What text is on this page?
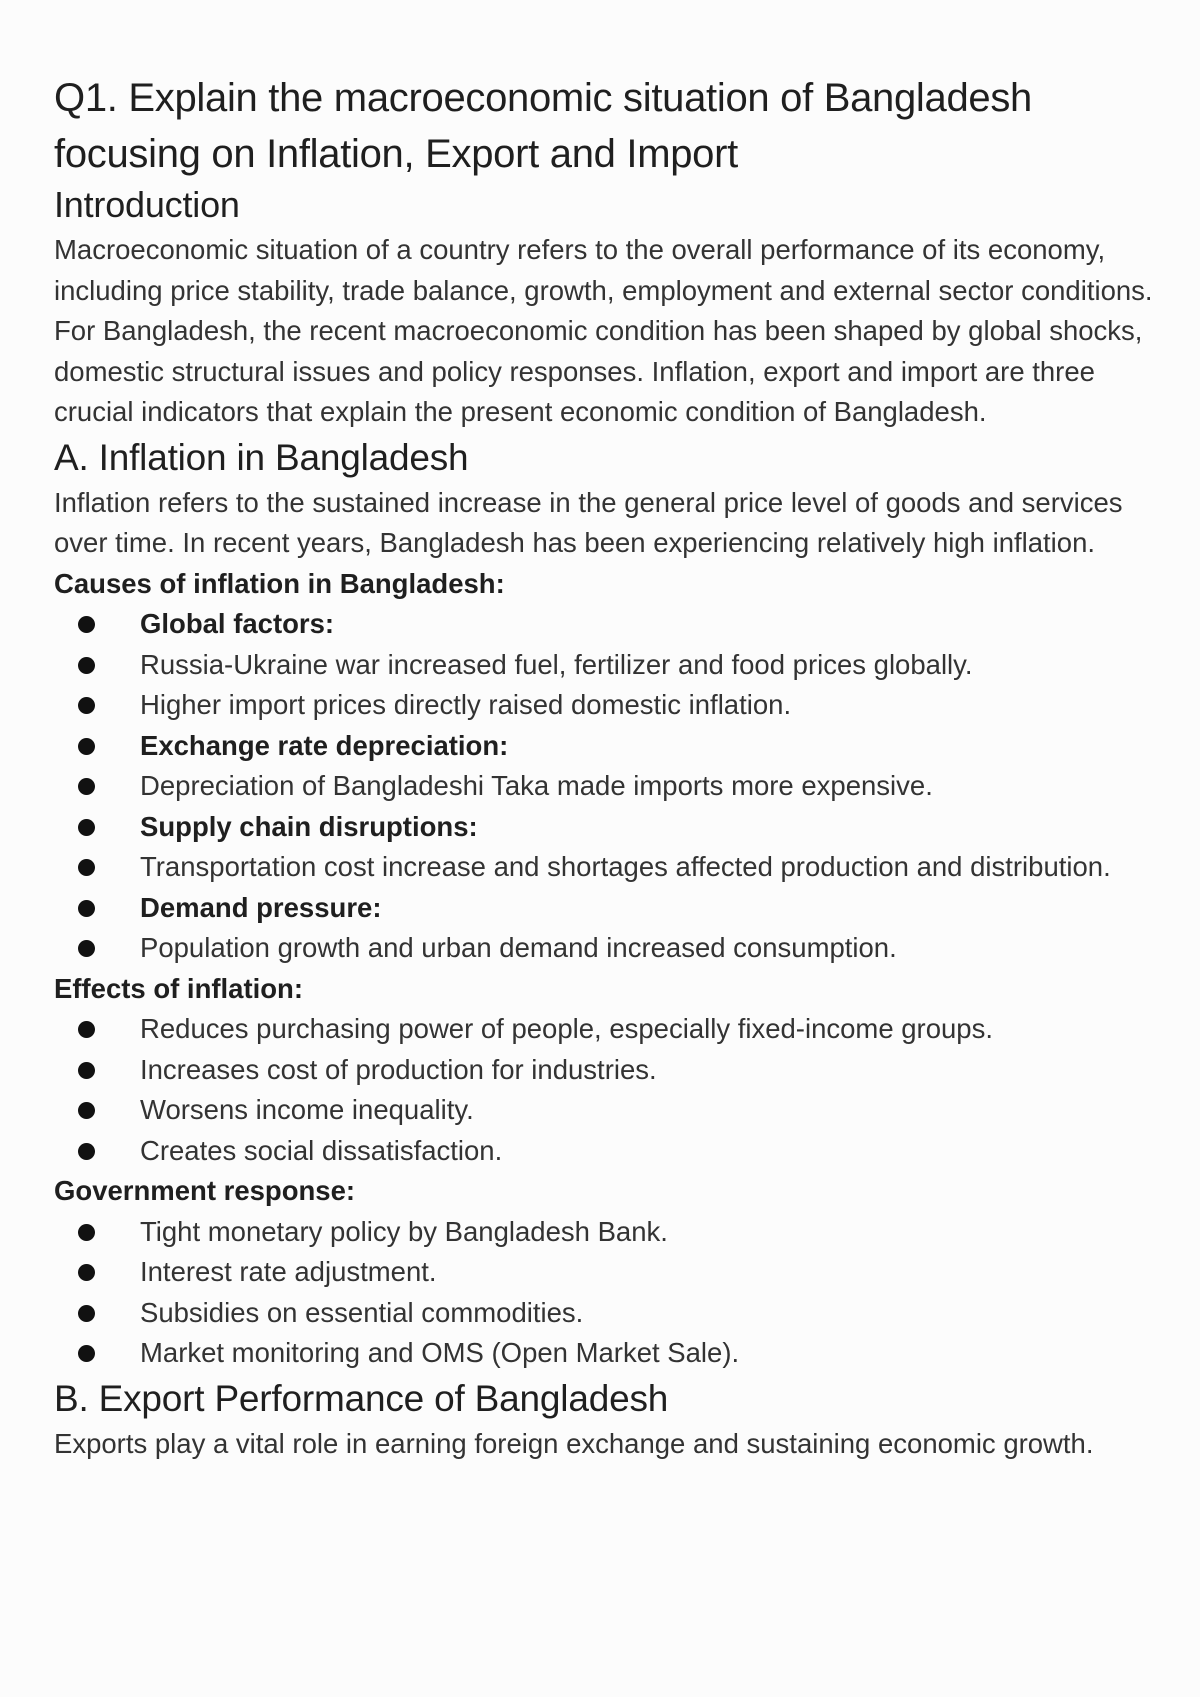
Q1. Explain the macroeconomic situation of Bangladesh focusing on Inflation, Export and Import
Introduction

Macroeconomic situation of a country refers to the overall performance of its economy, including price stability, trade balance, growth, employment and external sector conditions. For Bangladesh, the recent macroeconomic condition has been shaped by global shocks, domestic structural issues and policy responses. Inflation, export and import are three crucial indicators that explain the present economic condition of Bangladesh.

A. Inflation in Bangladesh

Inflation refers to the sustained increase in the general price level of goods and services over time. In recent years, Bangladesh has been experiencing relatively high inflation.

Causes of inflation in Bangladesh:
Global factors:
Russia-Ukraine war increased fuel, fertilizer and food prices globally.
Higher import prices directly raised domestic inflation.
Exchange rate depreciation:
Depreciation of Bangladeshi Taka made imports more expensive.
Supply chain disruptions:
Transportation cost increase and shortages affected production and distribution.
Demand pressure:
Population growth and urban demand increased consumption.
Effects of inflation:
Reduces purchasing power of people, especially fixed-income groups.
Increases cost of production for industries.
Worsens income inequality.
Creates social dissatisfaction.
Government response:
Tight monetary policy by Bangladesh Bank.
Interest rate adjustment.
Subsidies on essential commodities.
Market monitoring and OMS (Open Market Sale).
B. Export Performance of Bangladesh

Exports play a vital role in earning foreign exchange and sustaining economic growth.
